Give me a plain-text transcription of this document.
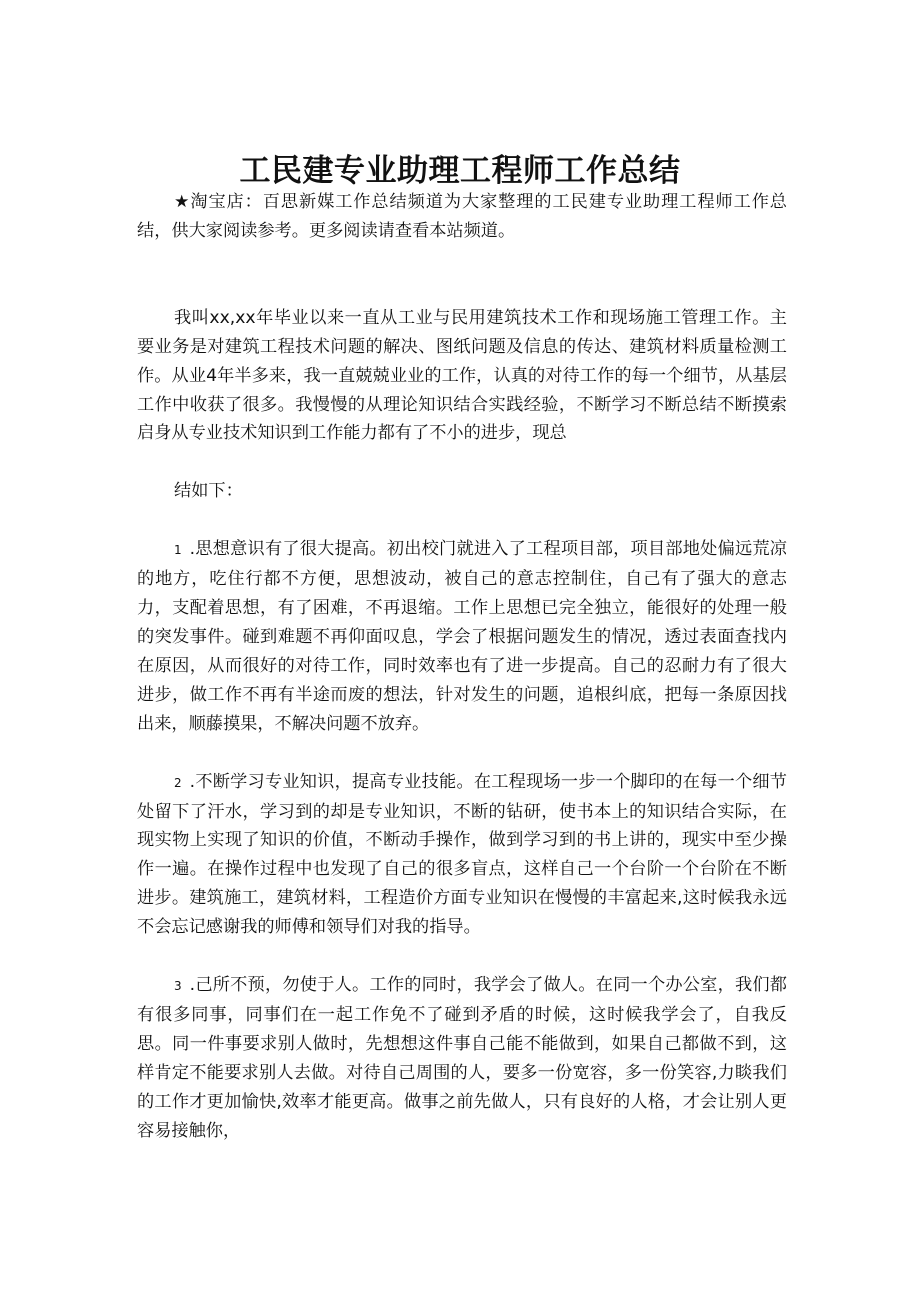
工民建专业助理工程师工作总结

★淘宝店：百思新媒工作总结频道为大家整理的工民建专业助理工程师工作总结，供大家阅读参考。更多阅读请查看本站频道。

我叫xx,xx年毕业以来一直从工业与民用建筑技术工作和现场施工管理工作。主要业务是对建筑工程技术问题的解决、图纸问题及信息的传达、建筑材料质量检测工作。从业4年半多来，我一直兢兢业业的工作，认真的对待工作的每一个细节，从基层工作中收获了很多。我慢慢的从理论知识结合实践经验，不断学习不断总结不断摸索启身从专业技术知识到工作能力都有了不小的进步，现总

结如下：

1 .思想意识有了很大提高。初出校门就进入了工程项目部，项目部地处偏远荒凉的地方，吃住行都不方便，思想波动，被自己的意志控制住，自己有了强大的意志力，支配着思想，有了困难，不再退缩。工作上思想已完全独立，能很好的处理一般的突发事件。碰到难题不再仰面叹息，学会了根据问题发生的情况，透过表面查找内在原因，从而很好的对待工作，同时效率也有了进一步提高。自己的忍耐力有了很大进步，做工作不再有半途而废的想法，针对发生的问题，追根纠底，把每一条原因找出来，顺藤摸果，不解决问题不放弃。

2 .不断学习专业知识，提高专业技能。在工程现场一步一个脚印的在每一个细节处留下了汗水，学习到的却是专业知识，不断的钻研，使书本上的知识结合实际，在现实物上实现了知识的价值，不断动手操作，做到学习到的书上讲的，现实中至少操作一遍。在操作过程中也发现了自己的很多盲点，这样自己一个台阶一个台阶在不断进步。建筑施工，建筑材料，工程造价方面专业知识在慢慢的丰富起来,这时候我永远不会忘记感谢我的师傅和领导们对我的指导。

3 .己所不预，勿使于人。工作的同时，我学会了做人。在同一个办公室，我们都有很多同事，同事们在一起工作免不了碰到矛盾的时候，这时候我学会了，自我反思。同一件事要求别人做时，先想想这件事自己能不能做到，如果自己都做不到，这样肯定不能要求别人去做。对待自己周围的人，要多一份宽容，多一份笑容,力睒我们的工作才更加愉快,效率才能更高。做事之前先做人，只有良好的人格，才会让别人更容易接触你，
